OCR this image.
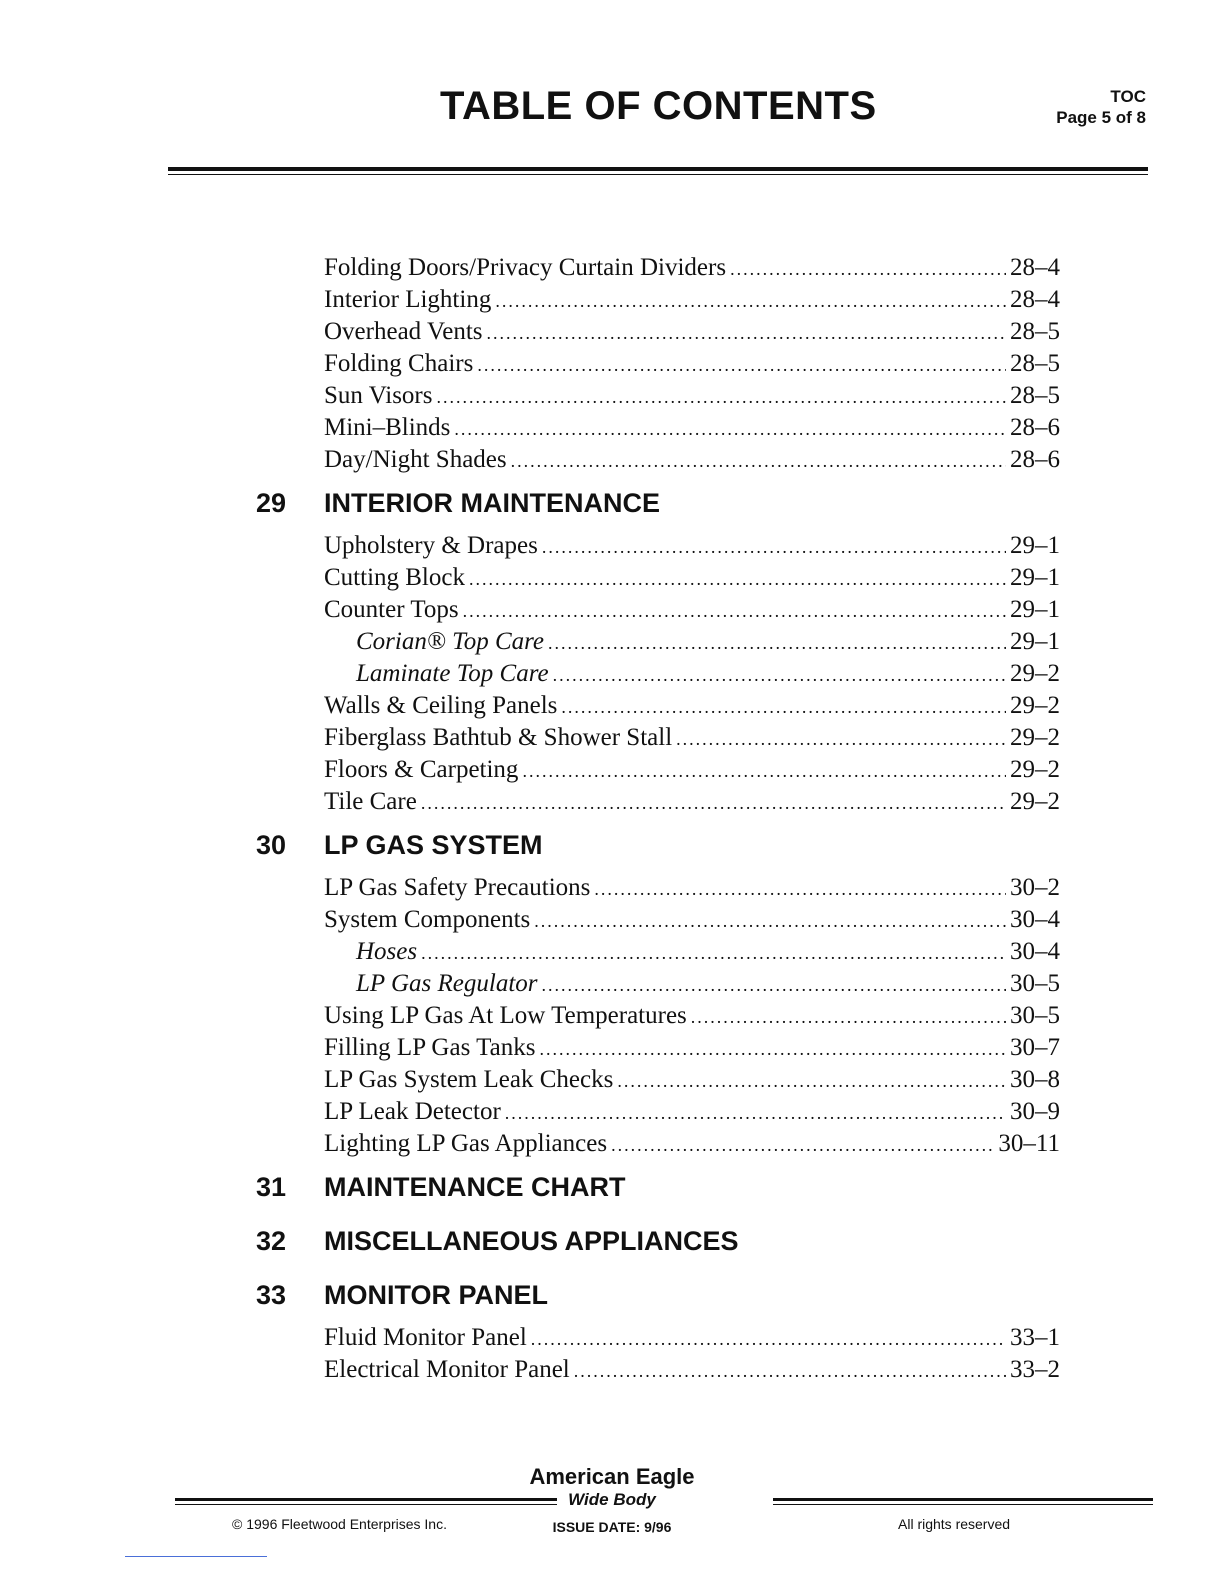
TABLE OF CONTENTS	TOC
Page 5 of 8
Folding Doors/Privacy Curtain Dividers .....	28–4
Interior Lighting .....	28–4
Overhead Vents .....	28–5
Folding Chairs .....	28–5
Sun Visors .....	28–5
Mini–Blinds .....	28–6
Day/Night Shades .....	28–6
29	INTERIOR MAINTENANCE
Upholstery & Drapes .....	29–1
Cutting Block .....	29–1
Counter Tops .....	29–1
Corian® Top Care .....	29–1
Laminate Top Care .....	29–2
Walls & Ceiling Panels .....	29–2
Fiberglass Bathtub & Shower Stall .....	29–2
Floors & Carpeting .....	29–2
Tile Care .....	29–2
30	LP GAS SYSTEM
LP Gas Safety Precautions .....	30–2
System Components .....	30–4
Hoses .....	30–4
LP Gas Regulator .....	30–5
Using LP Gas At Low Temperatures .....	30–5
Filling LP Gas Tanks .....	30–7
LP Gas System Leak Checks .....	30–8
LP Leak Detector .....	30–9
Lighting LP Gas Appliances .....	30–11
31	MAINTENANCE CHART
32	MISCELLANEOUS APPLIANCES
33	MONITOR PANEL
Fluid Monitor Panel .....	33–1
Electrical Monitor Panel .....	33–2
American Eagle
Wide Body
© 1996 Fleetwood Enterprises Inc.	ISSUE DATE: 9/96	All rights reserved
